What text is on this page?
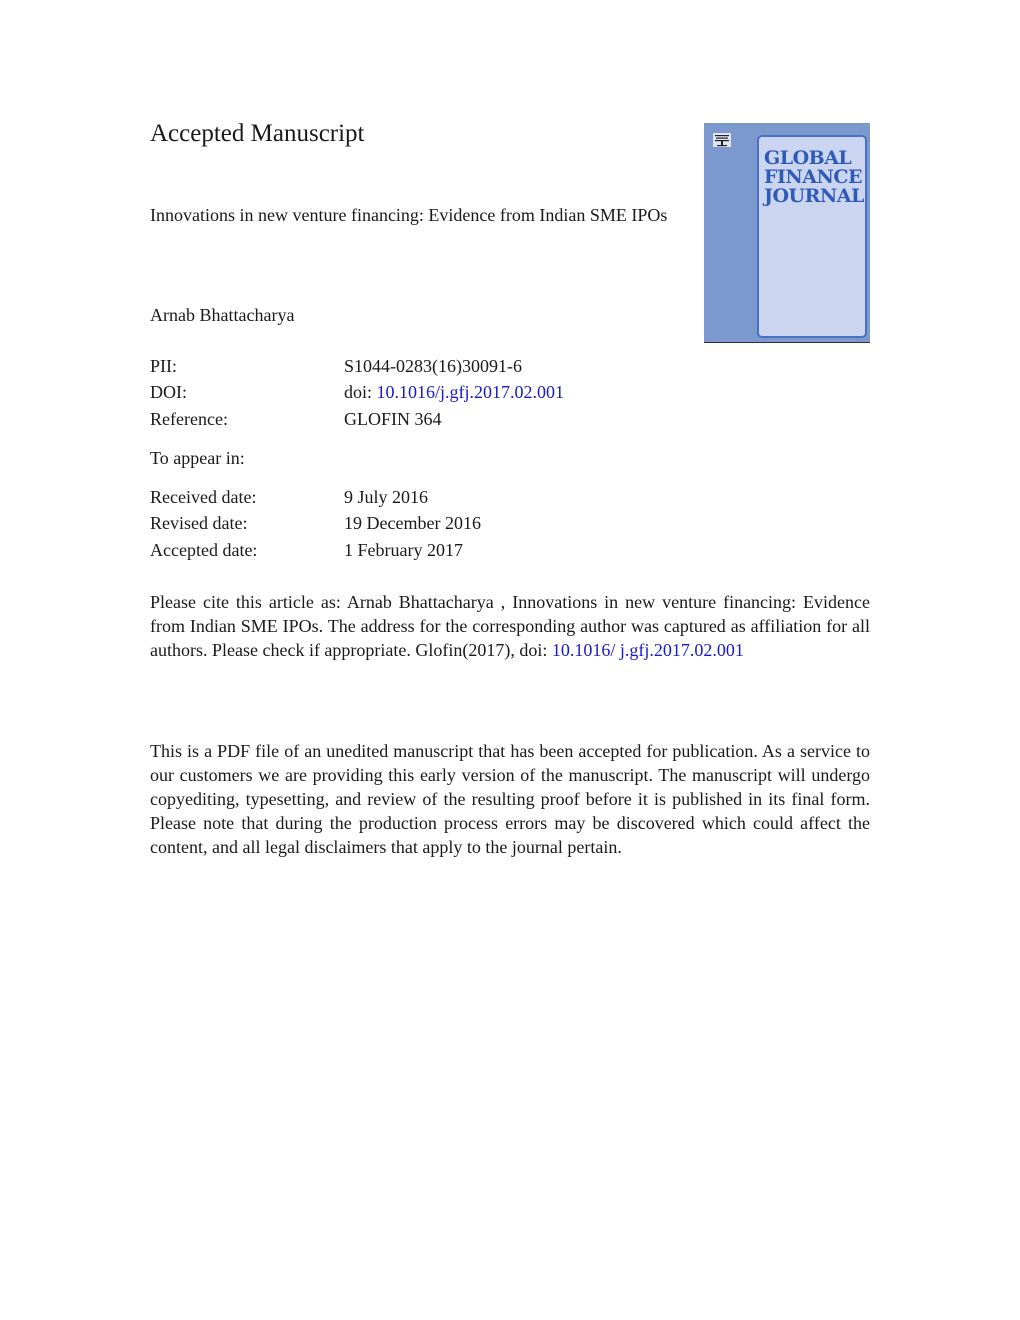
Accepted Manuscript
Innovations in new venture financing: Evidence from Indian SME IPOs
Arnab Bhattacharya
PII:	S1044-0283(16)30091-6
DOI:	doi: 10.1016/j.gfj.2017.02.001
Reference:	GLOFIN 364
To appear in:
Received date:	9 July 2016
Revised date:	19 December 2016
Accepted date:	1 February 2017

Please cite this article as: Arnab Bhattacharya , Innovations in new venture financing: Evidence from Indian SME IPOs. The address for the corresponding author was captured as affiliation for all authors. Please check if appropriate. Glofin(2017), doi: 10.1016/ j.gfj.2017.02.001

This is a PDF file of an unedited manuscript that has been accepted for publication. As a service to our customers we are providing this early version of the manuscript. The manuscript will undergo copyediting, typesetting, and review of the resulting proof before it is published in its final form. Please note that during the production process errors may be discovered which could affect the content, and all legal disclaimers that apply to the journal pertain.

GLOBAL
FINANCE
JOURNAL
